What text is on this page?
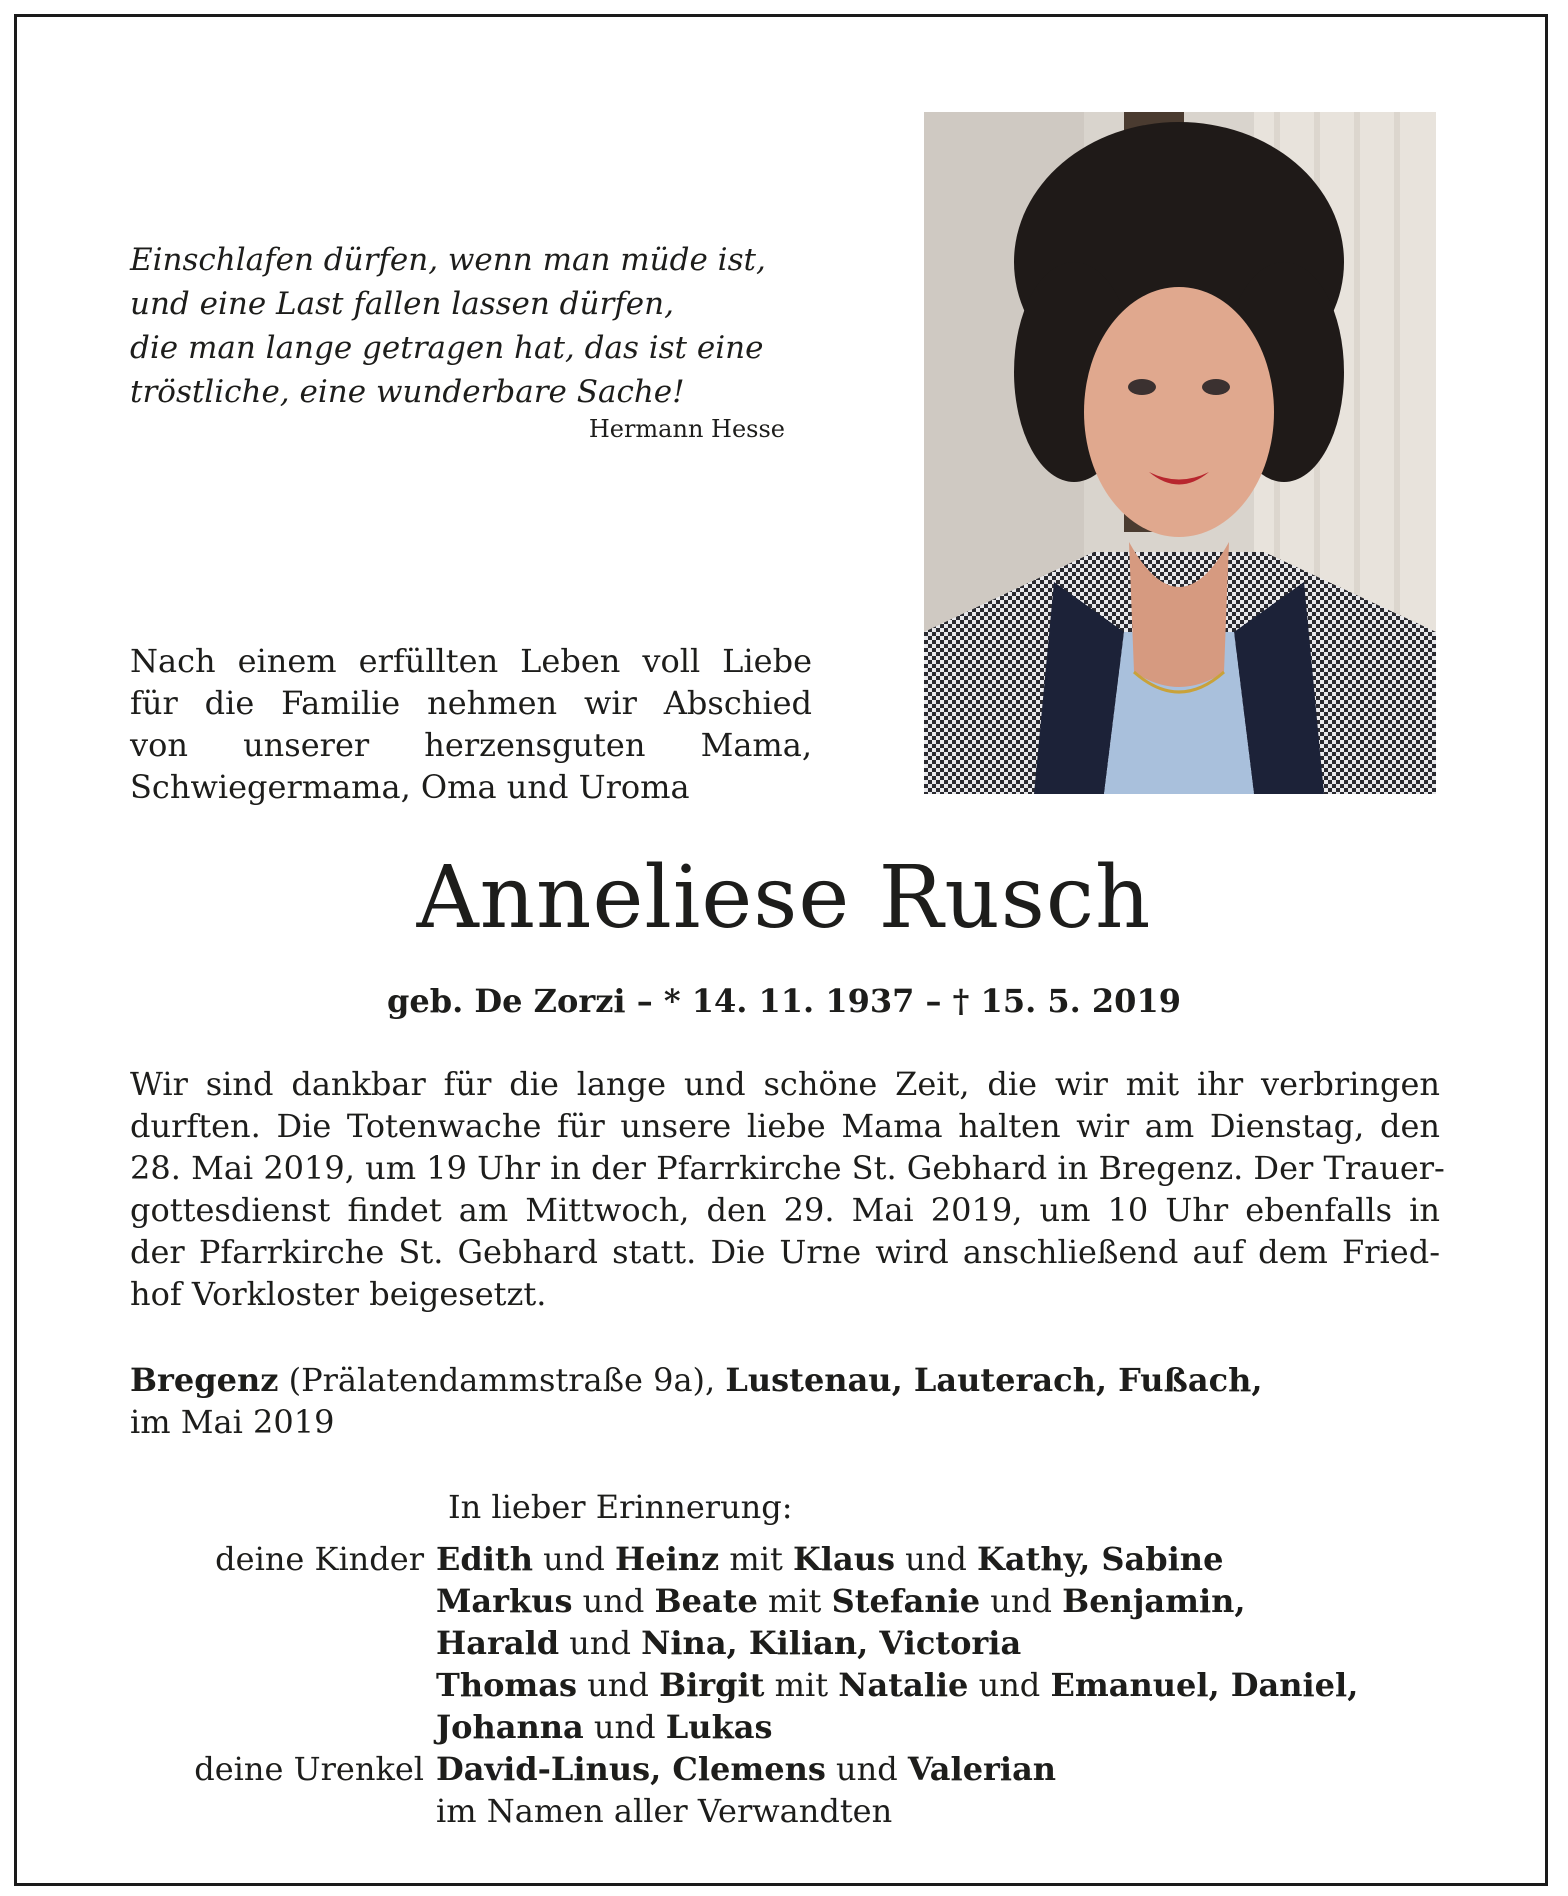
Einschlafen dürfen, wenn man müde ist,
und eine Last fallen lassen dürfen,
die man lange getragen hat, das ist eine
tröstliche, eine wunderbare Sache!
Hermann Hesse
Nach einem erfüllten Leben voll Liebe
für die Familie nehmen wir Abschied
von unserer herzensguten Mama,
Schwiegermama, Oma und Uroma
Anneliese Rusch
geb. De Zorzi – * 14. 11. 1937 – † 15. 5. 2019
Wir sind dankbar für die lange und schöne Zeit, die wir mit ihr verbringen
durften. Die Totenwache für unsere liebe Mama halten wir am Dienstag, den
28. Mai 2019, um 19 Uhr in der Pfarrkirche St. Gebhard in Bregenz. Der Trauer-
gottesdienst findet am Mittwoch, den 29. Mai 2019, um 10 Uhr ebenfalls in
der Pfarrkirche St. Gebhard statt. Die Urne wird anschließend auf dem Fried-
hof Vorkloster beigesetzt.
Bregenz (Prälatendammstraße 9a), Lustenau, Lauterach, Fußach,
im Mai 2019
In lieber Erinnerung:
deine Kinder Edith und Heinz mit Klaus und Kathy, Sabine
Markus und Beate mit Stefanie und Benjamin,
Harald und Nina, Kilian, Victoria
Thomas und Birgit mit Natalie und Emanuel, Daniel,
Johanna und Lukas
deine Urenkel David-Linus, Clemens und Valerian
im Namen aller Verwandten
